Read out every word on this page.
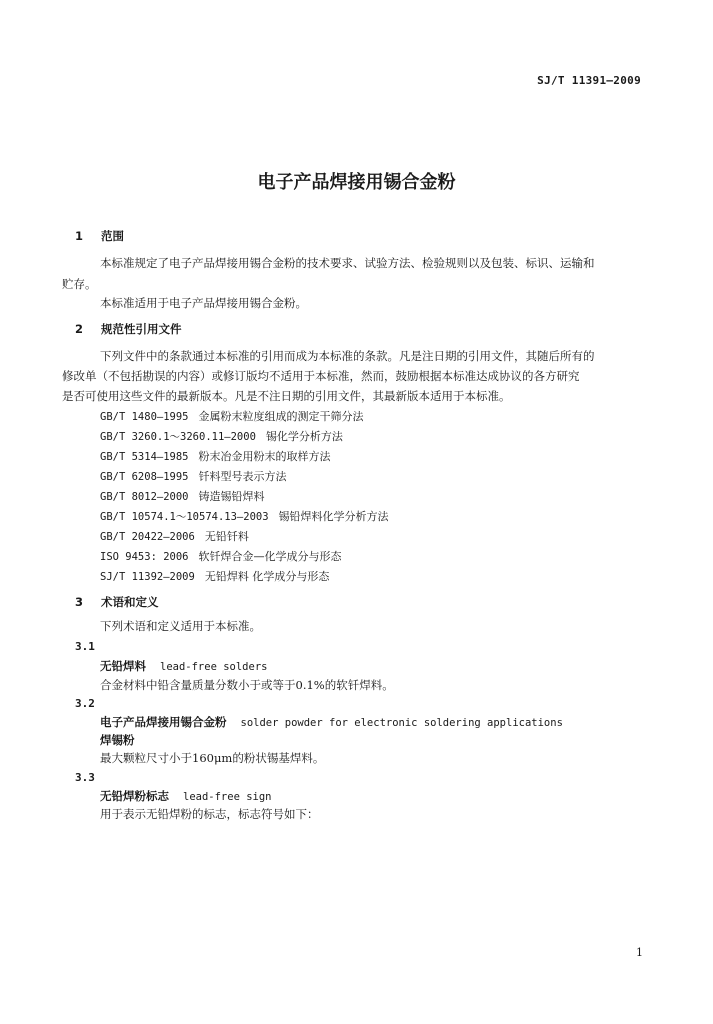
SJ/T 11391—2009
电子产品焊接用锡合金粉
1 范围
本标准规定了电子产品焊接用锡合金粉的技术要求、试验方法、检验规则以及包装、标识、运输和
贮存。
本标准适用于电子产品焊接用锡合金粉。
2 规范性引用文件
下列文件中的条款通过本标准的引用而成为本标准的条款。凡是注日期的引用文件，其随后所有的
修改单（不包括勘误的内容）或修订版均不适用于本标准，然而，鼓励根据本标准达成协议的各方研究
是否可使用这些文件的最新版本。凡是不注日期的引用文件，其最新版本适用于本标准。
GB/T 1480—1995 金属粉末粒度组成的测定干筛分法
GB/T 3260.1～3260.11—2000 锡化学分析方法
GB/T 5314—1985 粉末冶金用粉末的取样方法
GB/T 6208—1995 钎料型号表示方法
GB/T 8012—2000 铸造锡铅焊料
GB/T 10574.1～10574.13—2003 锡铅焊料化学分析方法
GB/T 20422—2006 无铅钎料
ISO 9453: 2006 软钎焊合金—化学成分与形态
SJ/T 11392—2009 无铅焊料 化学成分与形态
3 术语和定义
下列术语和定义适用于本标准。
3.1
无铅焊料 lead-free solders
合金材料中铅含量质量分数小于或等于0.1%的软钎焊料。
3.2
电子产品焊接用锡合金粉 solder powder for electronic soldering applications
焊锡粉
最大颗粒尺寸小于160μm的粉状锡基焊料。
3.3
无铅焊粉标志 lead-free sign
用于表示无铅焊粉的标志，标志符号如下：
1
